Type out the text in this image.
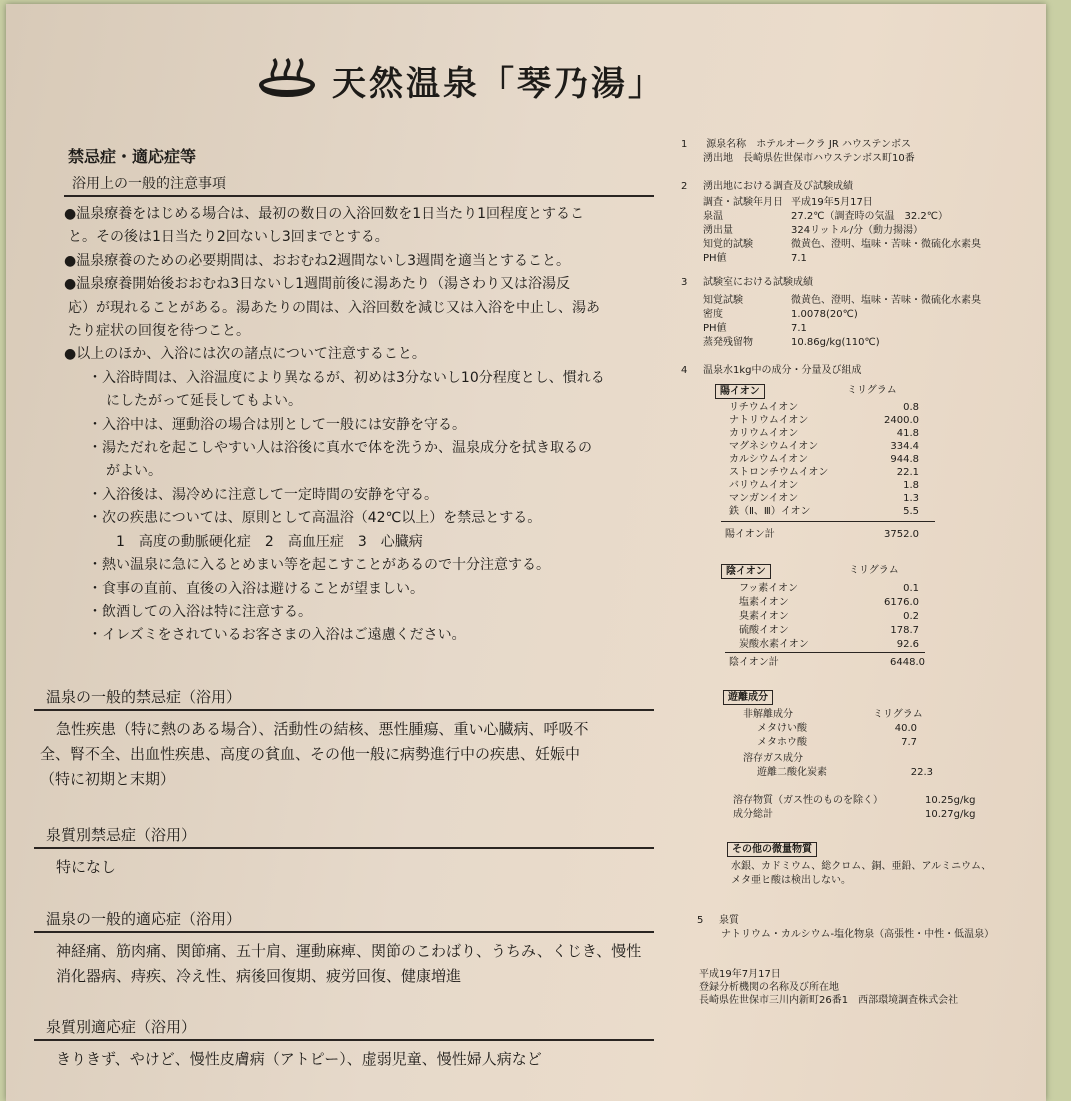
天然温泉「琴乃湯」
禁忌症・適応症等
浴用上の一般的注意事項
●温泉療養をはじめる場合は、最初の数日の入浴回数を1日当たり1回程度とするこ
と。その後は1日当たり2回ないし3回までとする。
●温泉療養のための必要期間は、おおむね2週間ないし3週間を適当とすること。
●温泉療養開始後おおむね3日ないし1週間前後に湯あたり（湯さわり又は浴湯反
応）が現れることがある。湯あたりの間は、入浴回数を減じ又は入浴を中止し、湯あ
たり症状の回復を待つこと。
●以上のほか、入浴には次の諸点について注意すること。
・入浴時間は、入浴温度により異なるが、初めは3分ないし10分程度とし、慣れる
にしたがって延長してもよい。
・入浴中は、運動浴の場合は別として一般には安静を守る。
・湯ただれを起こしやすい人は浴後に真水で体を洗うか、温泉成分を拭き取るの
がよい。
・入浴後は、湯冷めに注意して一定時間の安静を守る。
・次の疾患については、原則として高温浴（42℃以上）を禁忌とする。
　1　高度の動脈硬化症　2　高血圧症　3　心臓病
・熱い温泉に急に入るとめまい等を起こすことがあるので十分注意する。
・食事の直前、直後の入浴は避けることが望ましい。
・飲酒しての入浴は特に注意する。
・イレズミをされているお客さまの入浴はご遠慮ください。
温泉の一般的禁忌症（浴用）
急性疾患（特に熱のある場合）、活動性の結核、悪性腫瘍、重い心臓病、呼吸不
全、腎不全、出血性疾患、高度の貧血、その他一般に病勢進行中の疾患、妊娠中
（特に初期と末期）
泉質別禁忌症（浴用）
特になし
温泉の一般的適応症（浴用）
神経痛、筋肉痛、関節痛、五十肩、運動麻痺、関節のこわばり、うちみ、くじき、慢性
消化器病、痔疾、冷え性、病後回復期、疲労回復、健康増進
泉質別適応症（浴用）
きりきず、やけど、慢性皮膚病（アトピー）、虚弱児童、慢性婦人病など
1 源泉名称　 ホテルオークラ JR ハウステンボス
湧出地　 長崎県佐世保市ハウステンボス町10番
2 湧出地における調査及び試験成績
調査・試験年月日 平成19年5月17日
泉温	27.2℃（調査時の気温　32.2℃）
湧出量	324リットル/分（動力揚湯）
知覚的試験	微黄色、澄明、塩味・苦味・微硫化水素臭
PH値	7.1
3 試験室における試験成績
知覚試験	微黄色、澄明、塩味・苦味・微硫化水素臭
密度	1.0078(20℃)
PH値	7.1
蒸発残留物	10.86g/kg(110℃)
4 温泉水1kg中の成分・分量及び組成
陽イオン	ミリグラム
リチウムイオン	0.8
ナトリウムイオン	2400.0
カリウムイオン	41.8
マグネシウムイオン	334.4
カルシウムイオン	944.8
ストロンチウムイオン	22.1
バリウムイオン	1.8
マンガンイオン	1.3
鉄（Ⅱ、Ⅲ）イオン	5.5
陽イオン計	3752.0
陰イオン	ミリグラム
フッ素イオン	0.1
塩素イオン	6176.0
臭素イオン	0.2
硫酸イオン	178.7
炭酸水素イオン	92.6
陰イオン計	6448.0
遊離成分
非解離成分	ミリグラム
メタけい酸	40.0
メタホウ酸	7.7
溶存ガス成分
遊離二酸化炭素	22.3
溶存物質（ガス性のものを除く）	10.25g/kg
成分総計	10.27g/kg
その他の微量物質
水銀、カドミウム、総クロム、銅、亜鉛、アルミニウム、
メタ亜ヒ酸は検出しない。
5 泉質
ナトリウム・カルシウム-塩化物泉（高張性・中性・低温泉）
平成19年7月17日
登録分析機関の名称及び所在地
長崎県佐世保市三川内新町26番1　西部環境調査株式会社
